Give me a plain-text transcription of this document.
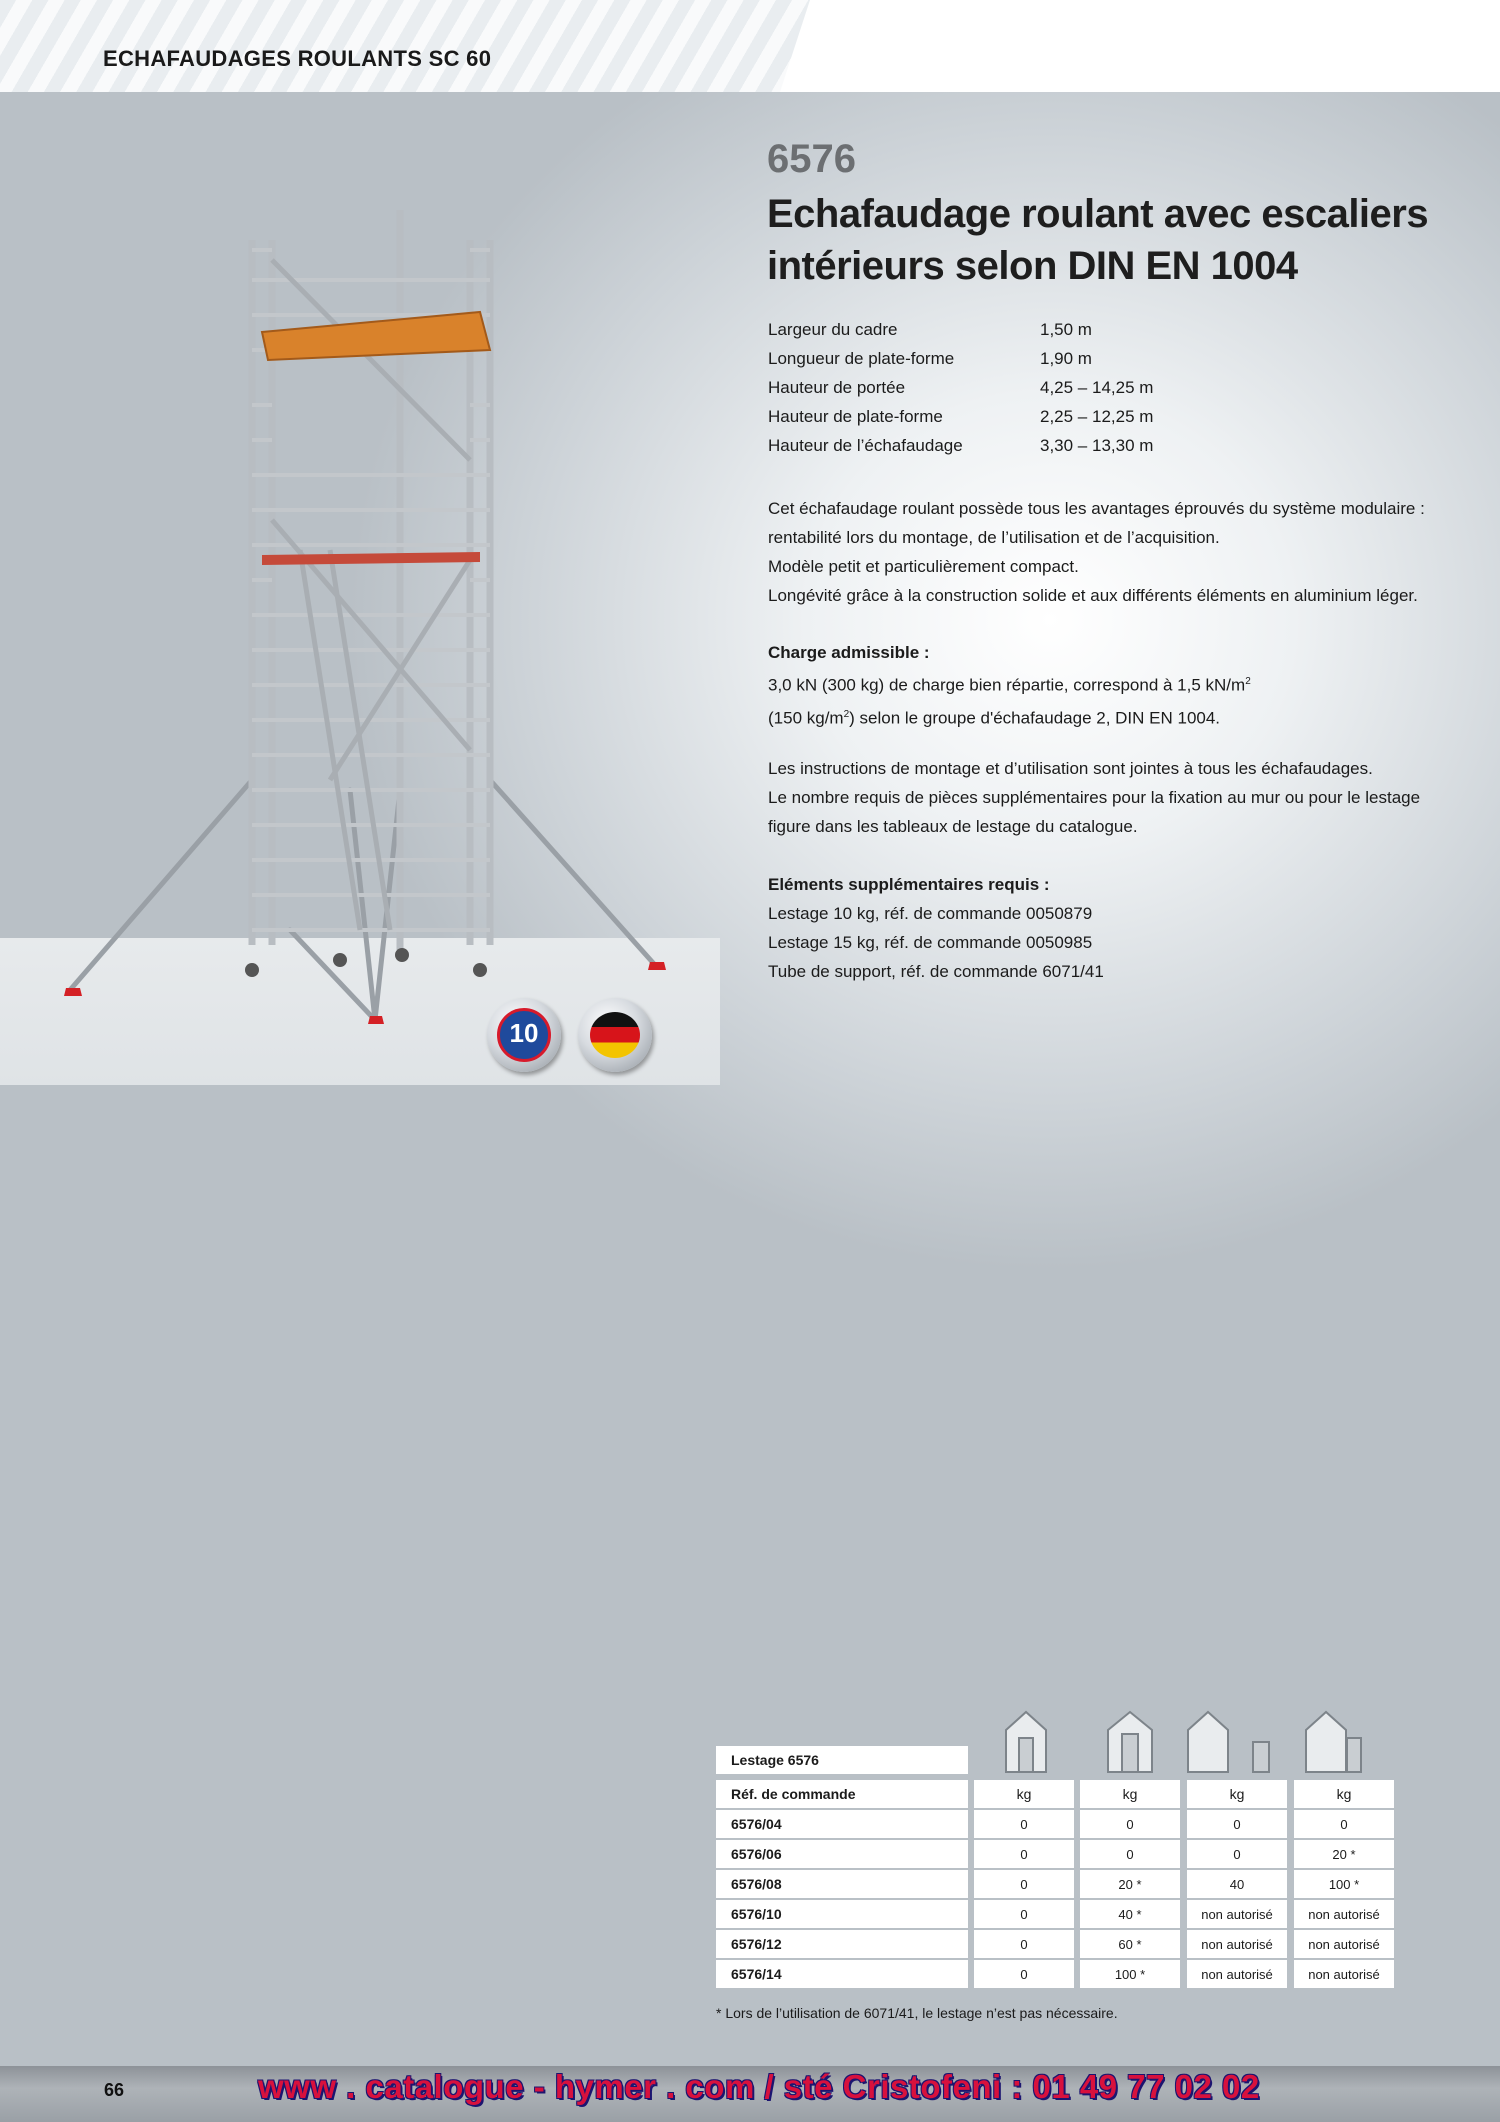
ECHAFAUDAGES ROULANTS SC 60
10
6576
Echafaudage roulant avec escaliers
intérieurs selon DIN EN 1004
Largeur du cadre	1,50 m
Longueur de plate-forme	1,90 m
Hauteur de portée	4,25 – 14,25 m
Hauteur de plate-forme	2,25 – 12,25 m
Hauteur de l’échafaudage	3,30 – 13,30 m
Cet échafaudage roulant possède tous les avantages éprouvés du système modulaire :
rentabilité lors du montage, de l’utilisation et de l’acquisition.
Modèle petit et particulièrement compact.
Longévité grâce à la construction solide et aux différents éléments en aluminium léger.
Charge admissible :
3,0 kN (300 kg) de charge bien répartie, correspond à 1,5 $kN/m^2$
(150 $kg/m^2$) selon le groupe d'échafaudage 2, DIN EN 1004.
Les instructions de montage et d’utilisation sont jointes à tous les échafaudages.
Le nombre requis de pièces supplémentaires pour la fixation au mur ou pour le lestage
figure dans les tableaux de lestage du catalogue.
Eléments supplémentaires requis :
Lestage 10 kg, réf. de commande 0050879
Lestage 15 kg, réf. de commande 0050985
Tube de support, réf. de commande 6071/41
Lestage 6576
Réf. de commande	kg	kg	kg	kg
6576/04	0	0	0	0
6576/06	0	0	0	20 *
6576/08	0	20 *	40	100 *
6576/10	0	40 *	non autorisé	non autorisé
6576/12	0	60 *	non autorisé	non autorisé
6576/14	0	100 *	non autorisé	non autorisé
* Lors de l’utilisation de 6071/41, le lestage n’est pas nécessaire.
66	www . catalogue - hymer . com / sté Cristofeni : 01 49 77 02 02
